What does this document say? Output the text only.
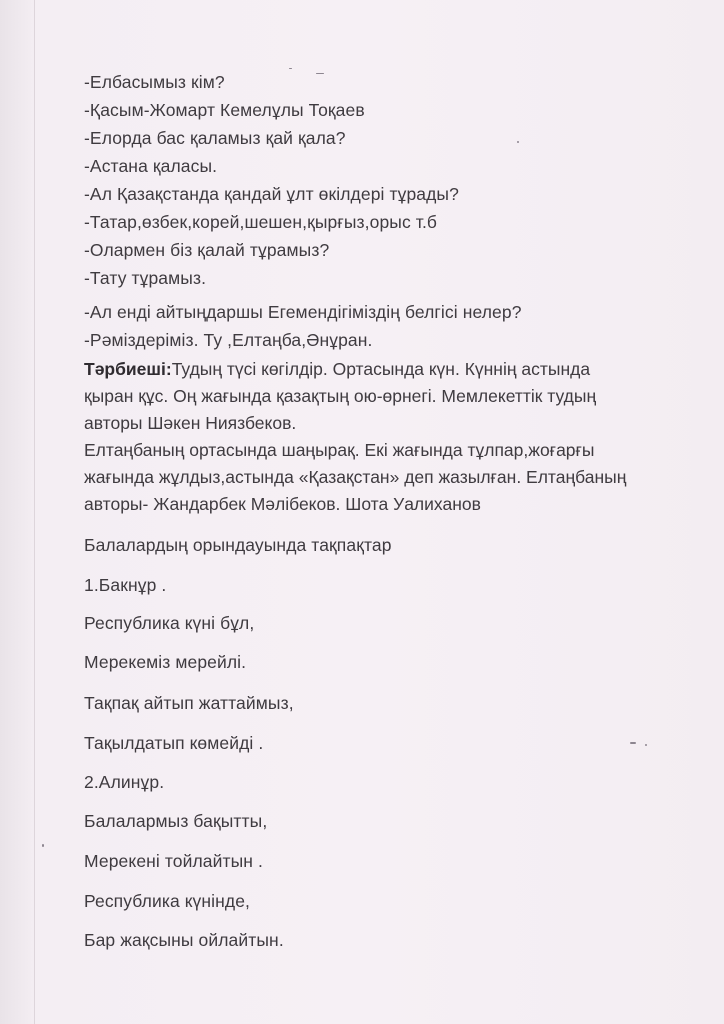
-Елбасымыз кім?
-Қасым-Жомарт Кемелұлы Тоқаев
-Елорда бас қаламыз қай қала?
-Астана қаласы.
-Ал Қазақстанда қандай ұлт өкілдері тұрады?
-Татар,өзбек,корей,шешен,қырғыз,орыс т.б
-Олармен біз қалай тұрамыз?
-Тату тұрамыз.
-Ал енді айтыңдаршы Егемендігіміздің белгісі нелер?
-Рәміздеріміз. Ту ,Елтаңба,Әнұран.
Тәрбиеші:Тудың түсі көгілдір. Ортасында күн. Күннің астында қыран құс. Оң жағында қазақтың ою-өрнегі. Мемлекеттік тудың авторы Шәкен Ниязбеков.
Елтаңбаның ортасында шаңырақ. Екі жағында тұлпар,жоғарғы жағында жұлдыз,астында «Қазақстан» деп жазылған. Елтаңбаның авторы- Жандарбек Мәлібеков. Шота Уалиханов
Балалардың орындауында тақпақтар
1.Бакнұр .
Республика күні бұл,
Мерекеміз мерейлі.
Тақпақ айтып жаттаймыз,
Тақылдатып көмейді .
2.Алинұр.
Балалармыз бақытты,
Мерекені тойлайтын .
Республика күнінде,
Бар жақсыны ойлайтын.
